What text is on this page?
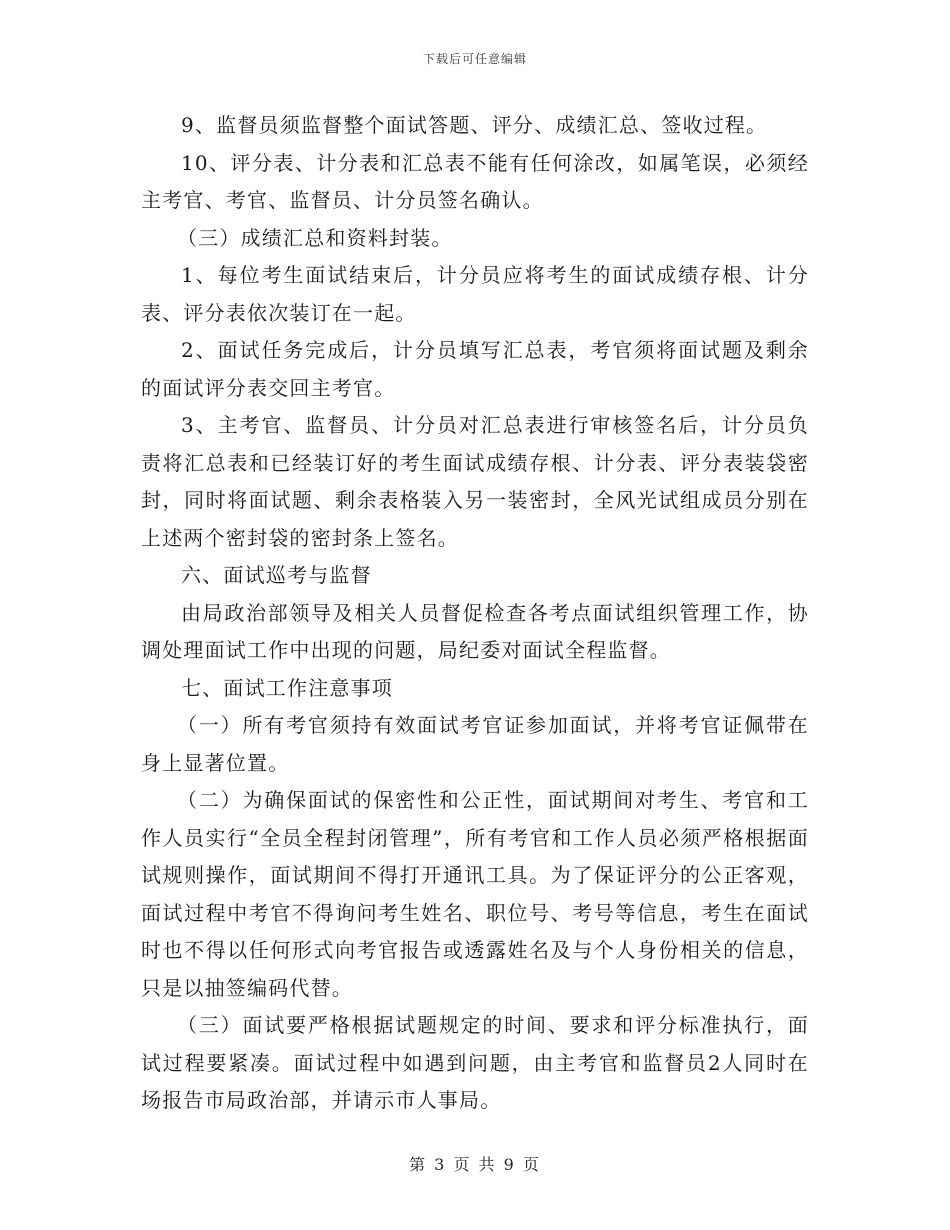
下载后可任意编辑

9、监督员须监督整个面试答题、评分、成绩汇总、签收过程。

10、评分表、计分表和汇总表不能有任何涂改，如属笔误，必须经主考官、考官、监督员、计分员签名确认。

（三）成绩汇总和资料封装。

1、每位考生面试结束后，计分员应将考生的面试成绩存根、计分表、评分表依次装订在一起。

2、面试任务完成后，计分员填写汇总表，考官须将面试题及剩余的面试评分表交回主考官。

3、主考官、监督员、计分员对汇总表进行审核签名后，计分员负责将汇总表和已经装订好的考生面试成绩存根、计分表、评分表装袋密封，同时将面试题、剩余表格装入另一装密封，全风光试组成员分别在上述两个密封袋的密封条上签名。

六、面试巡考与监督

由局政治部领导及相关人员督促检查各考点面试组织管理工作，协调处理面试工作中出现的问题，局纪委对面试全程监督。

七、面试工作注意事项

（一）所有考官须持有效面试考官证参加面试，并将考官证佩带在身上显著位置。

（二）为确保面试的保密性和公正性，面试期间对考生、考官和工作人员实行“全员全程封闭管理”，所有考官和工作人员必须严格根据面试规则操作，面试期间不得打开通讯工具。为了保证评分的公正客观，面试过程中考官不得询问考生姓名、职位号、考号等信息，考生在面试时也不得以任何形式向考官报告或透露姓名及与个人身份相关的信息，只是以抽签编码代替。

（三）面试要严格根据试题规定的时间、要求和评分标准执行，面试过程要紧凑。面试过程中如遇到问题，由主考官和监督员2人同时在场报告市局政治部，并请示市人事局。

第 3 页 共 9 页
